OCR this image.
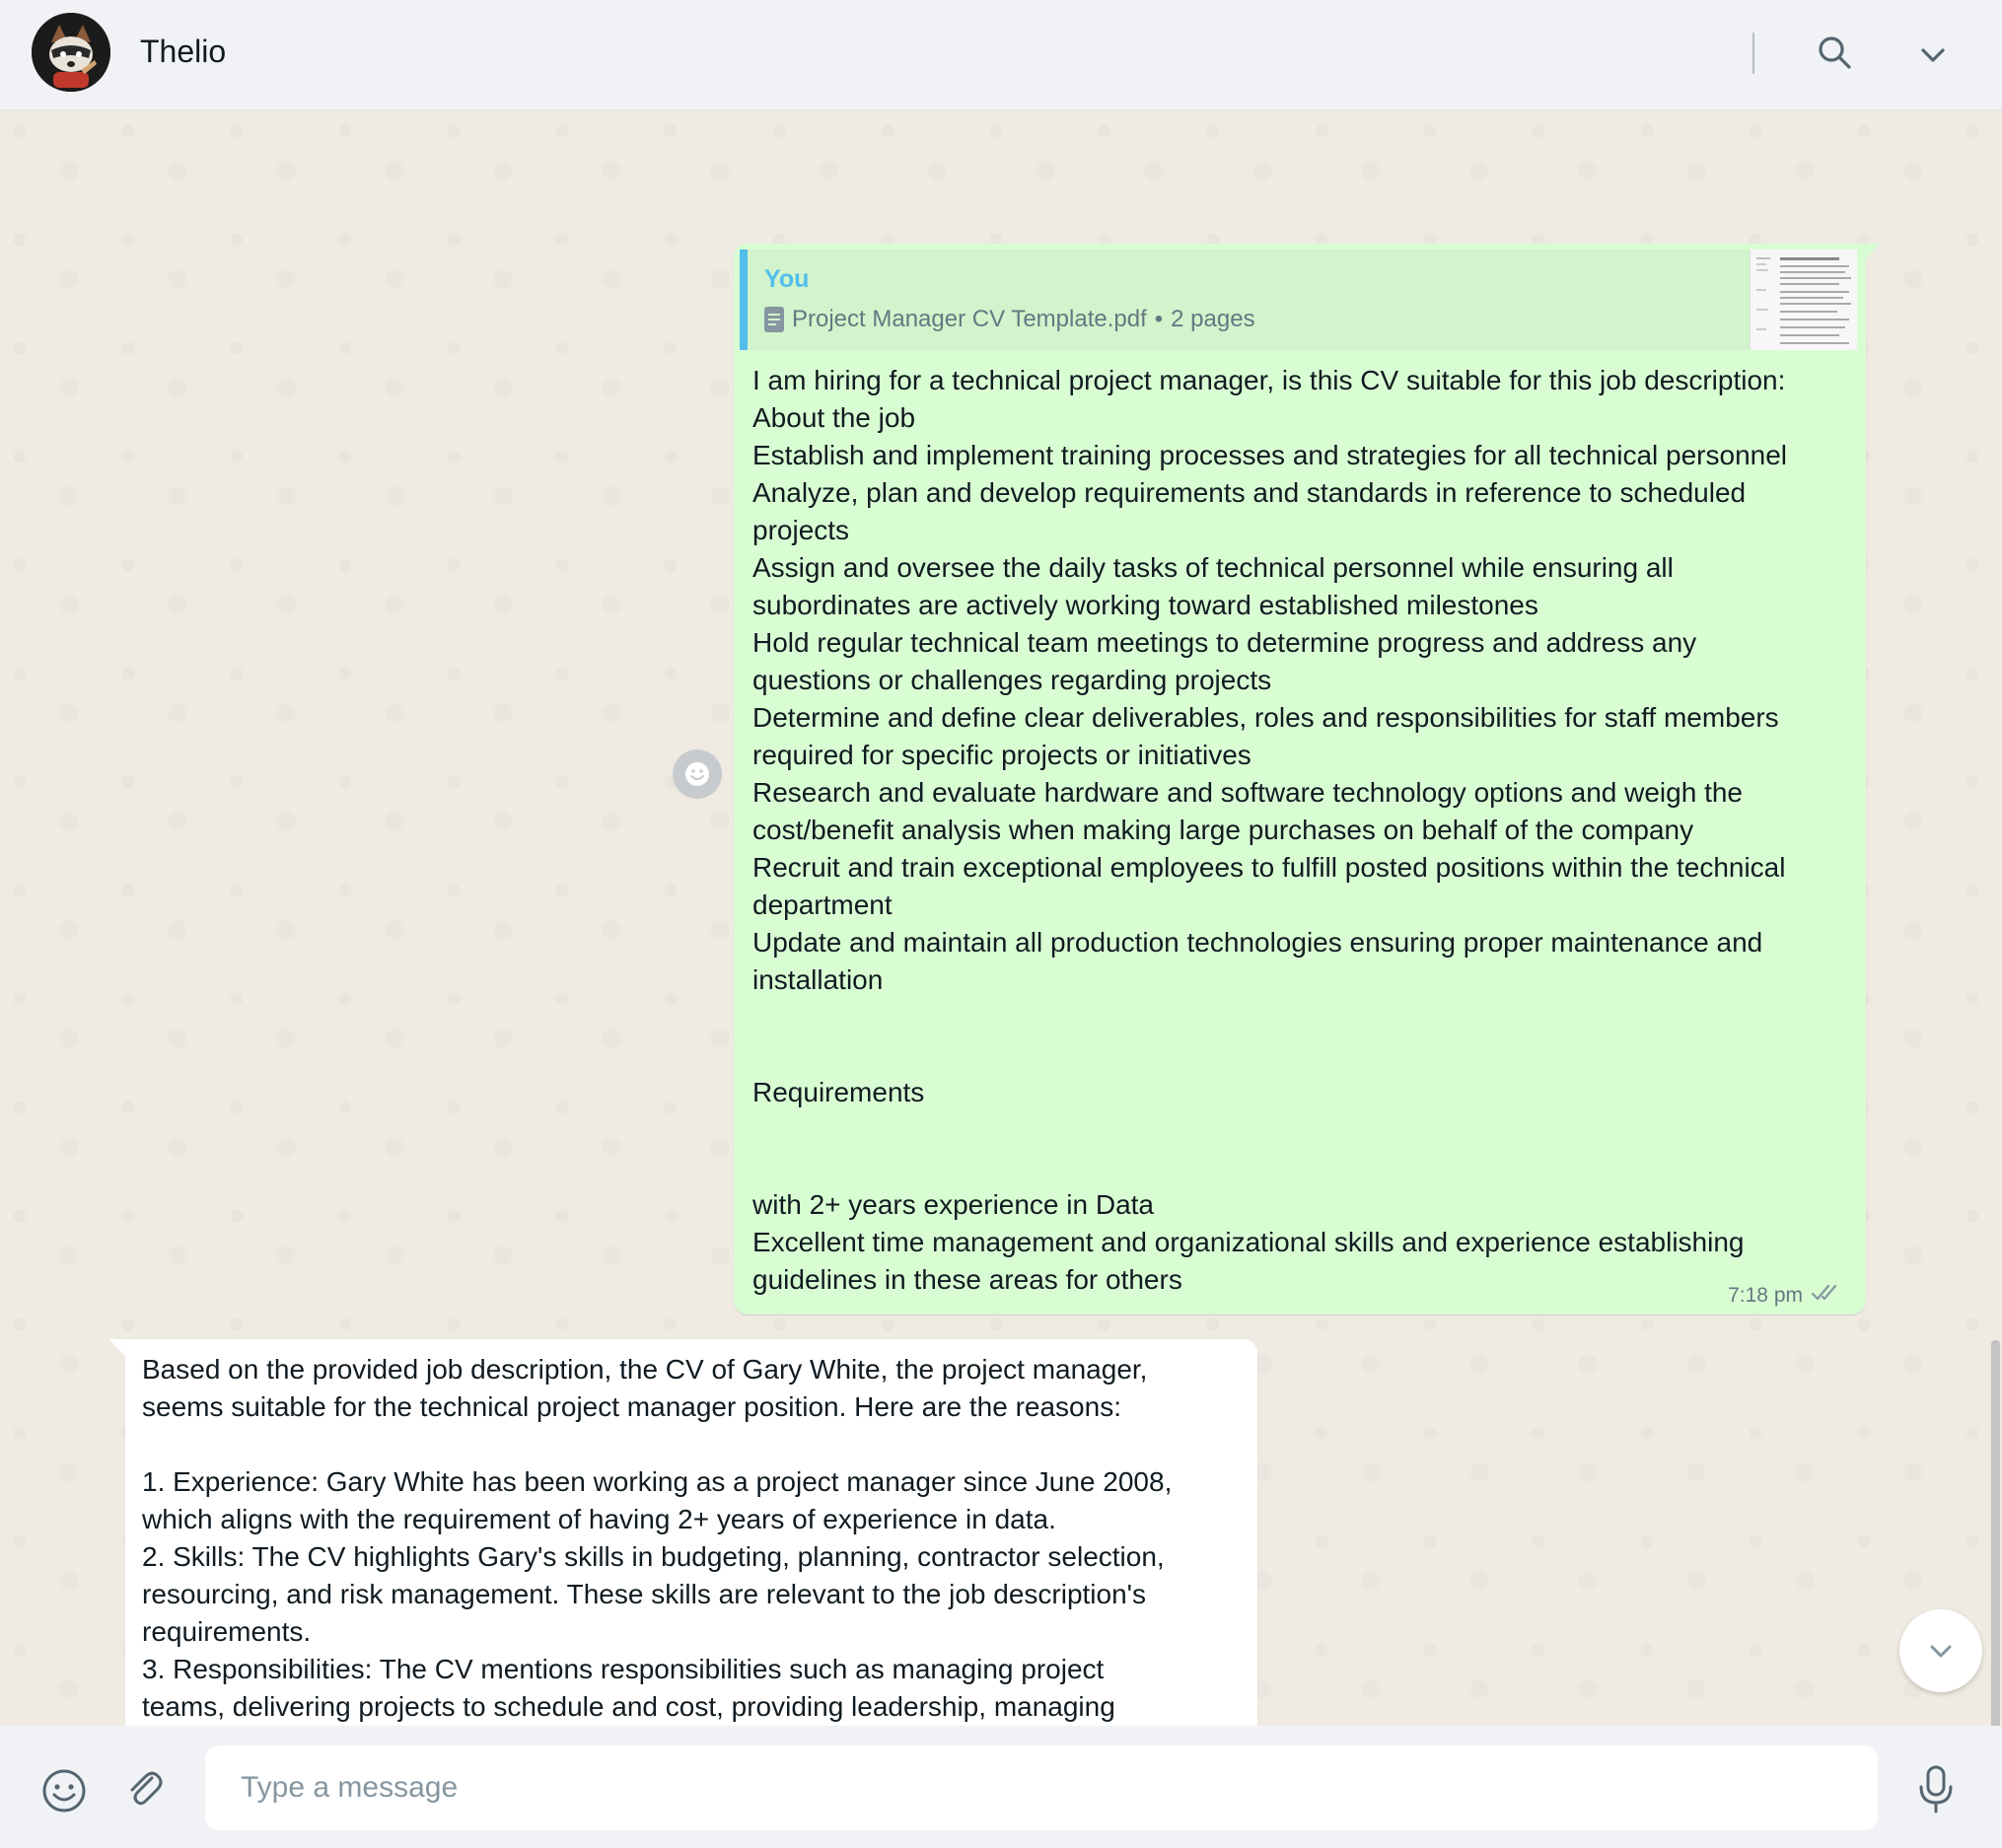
Thelio
You
Project Manager CV Template.pdf • 2 pages
I am hiring for a technical project manager, is this CV suitable for this job description:
About the job
Establish and implement training processes and strategies for all technical personnel
Analyze, plan and develop requirements and standards in reference to scheduled
projects
Assign and oversee the daily tasks of technical personnel while ensuring all
subordinates are actively working toward established milestones
Hold regular technical team meetings to determine progress and address any
questions or challenges regarding projects
Determine and define clear deliverables, roles and responsibilities for staff members
required for specific projects or initiatives
Research and evaluate hardware and software technology options and weigh the
cost/benefit analysis when making large purchases on behalf of the company
Recruit and train exceptional employees to fulfill posted positions within the technical
department
Update and maintain all production technologies ensuring proper maintenance and
installation

Requirements

with 2+ years experience in Data
Excellent time management and organizational skills and experience establishing
guidelines in these areas for others
7:18 pm
Based on the provided job description, the CV of Gary White, the project manager,
seems suitable for the technical project manager position. Here are the reasons:

1. Experience: Gary White has been working as a project manager since June 2008,
which aligns with the requirement of having 2+ years of experience in data.
2. Skills: The CV highlights Gary's skills in budgeting, planning, contractor selection,
resourcing, and risk management. These skills are relevant to the job description's
requirements.
3. Responsibilities: The CV mentions responsibilities such as managing project
teams, delivering projects to schedule and cost, providing leadership, managing

Type a message
